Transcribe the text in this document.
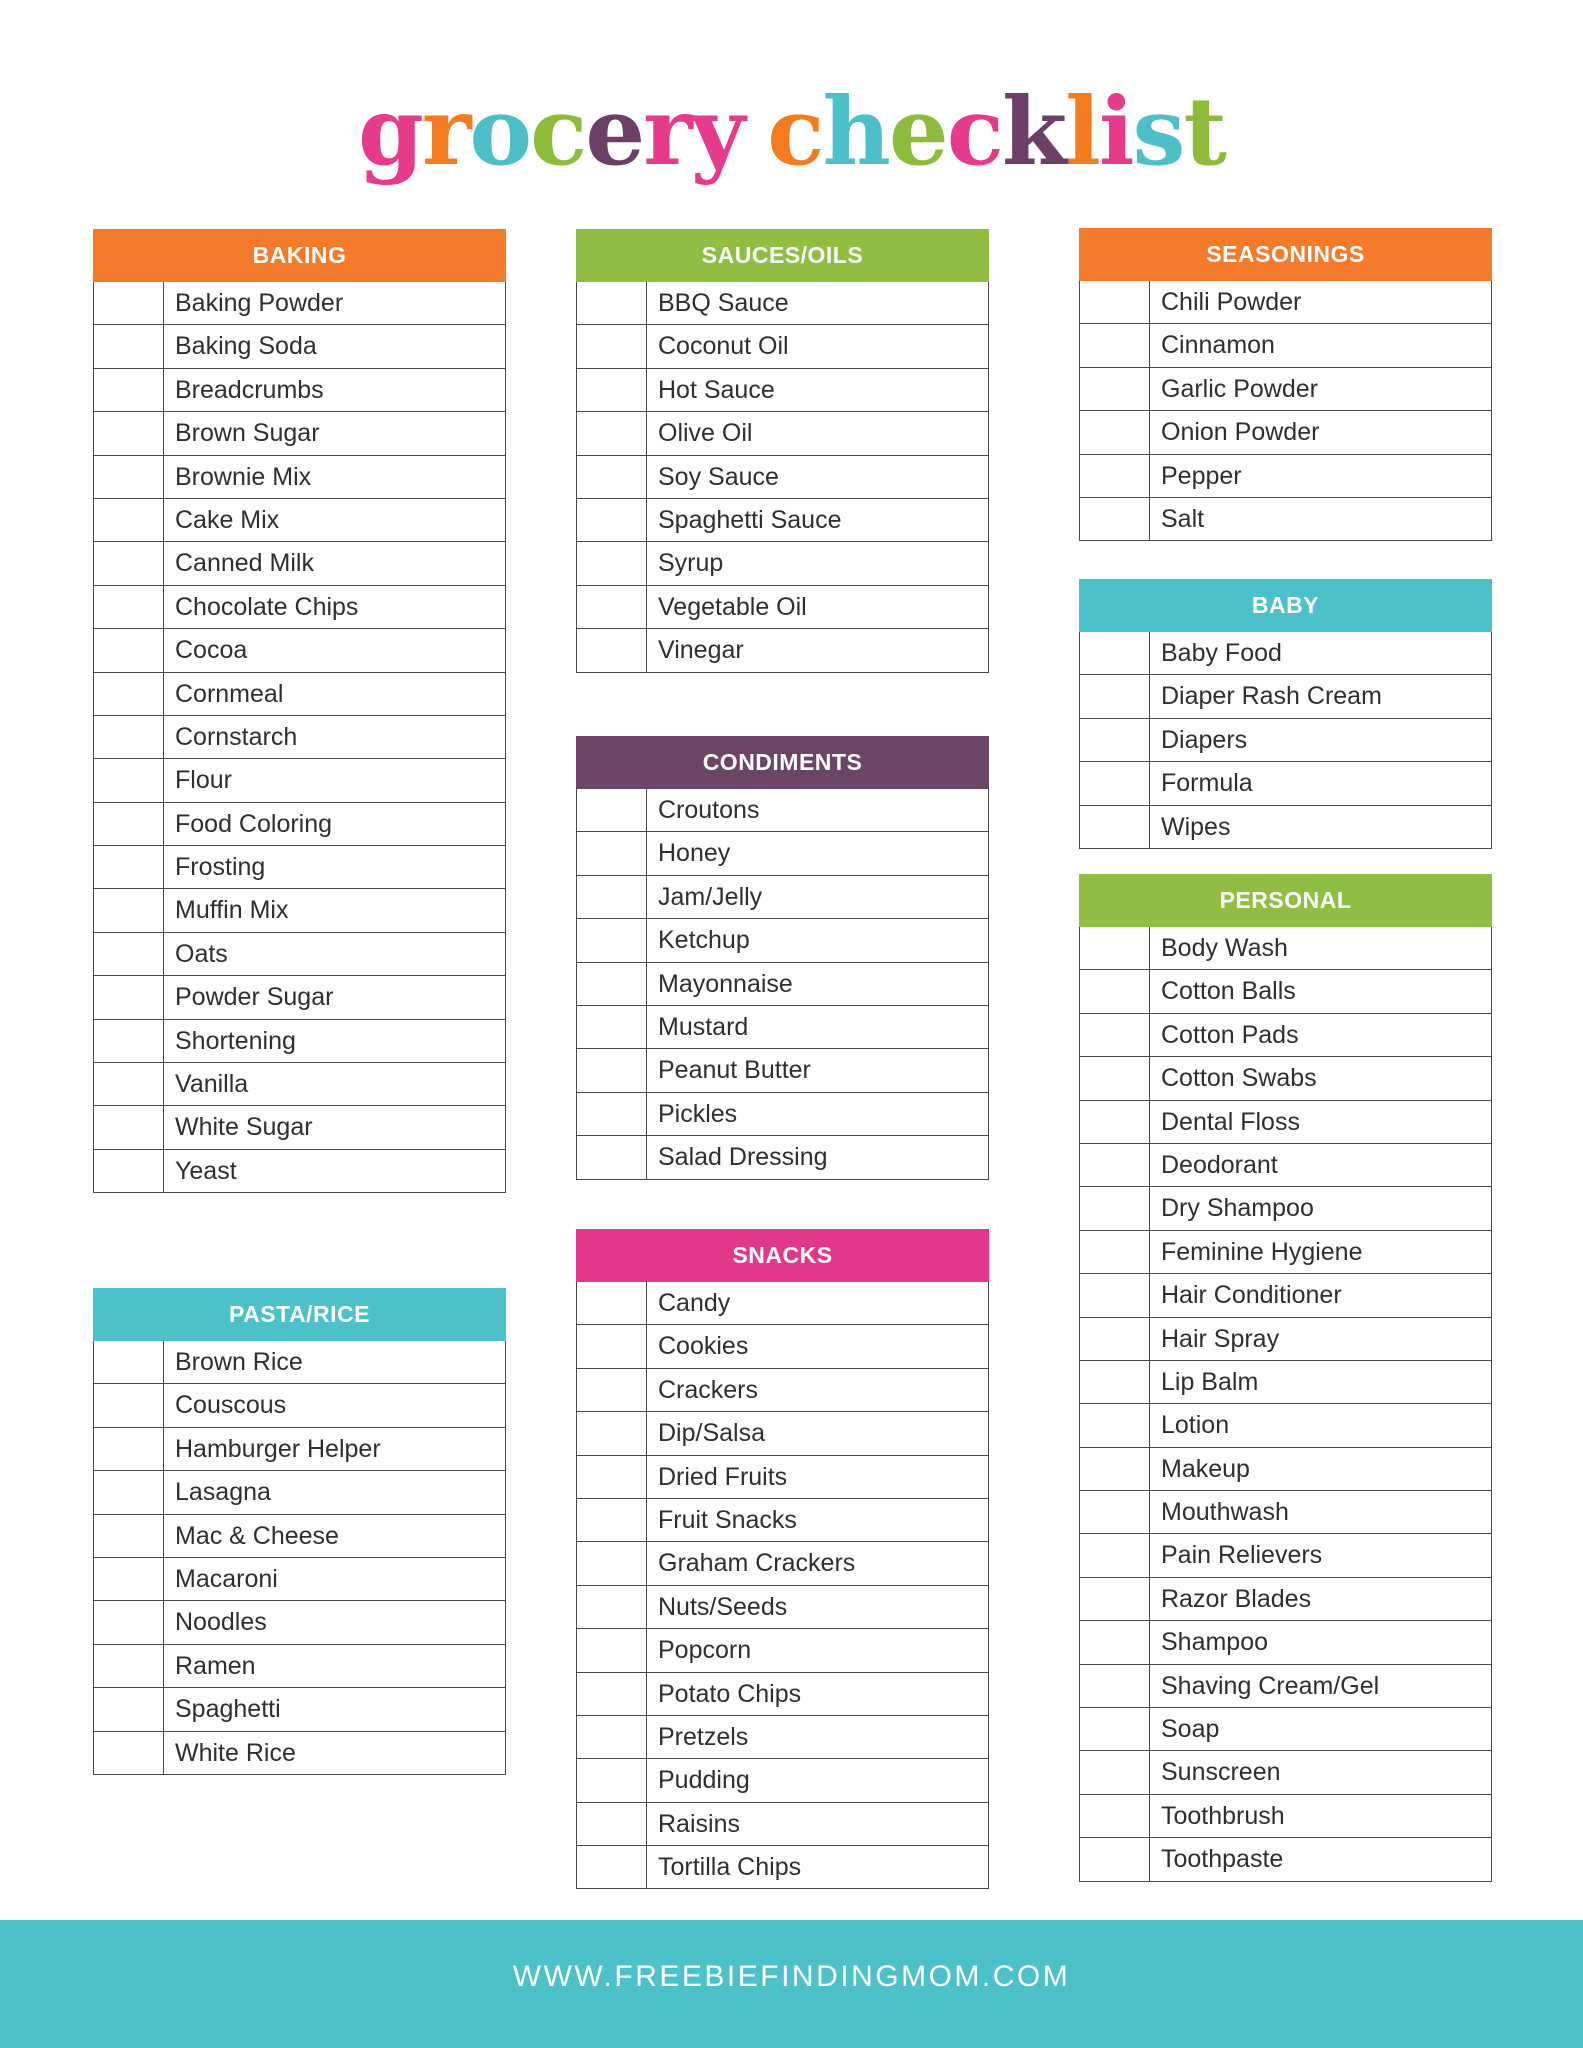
grocery checklist
BAKING
Baking Powder
Baking Soda
Breadcrumbs
Brown Sugar
Brownie Mix
Cake Mix
Canned Milk
Chocolate Chips
Cocoa
Cornmeal
Cornstarch
Flour
Food Coloring
Frosting
Muffin Mix
Oats
Powder Sugar
Shortening
Vanilla
White Sugar
Yeast
PASTA/RICE
Brown Rice
Couscous
Hamburger Helper
Lasagna
Mac & Cheese
Macaroni
Noodles
Ramen
Spaghetti
White Rice
SAUCES/OILS
BBQ Sauce
Coconut Oil
Hot Sauce
Olive Oil
Soy Sauce
Spaghetti Sauce
Syrup
Vegetable Oil
Vinegar
CONDIMENTS
Croutons
Honey
Jam/Jelly
Ketchup
Mayonnaise
Mustard
Peanut Butter
Pickles
Salad Dressing
SNACKS
Candy
Cookies
Crackers
Dip/Salsa
Dried Fruits
Fruit Snacks
Graham Crackers
Nuts/Seeds
Popcorn
Potato Chips
Pretzels
Pudding
Raisins
Tortilla Chips
SEASONINGS
Chili Powder
Cinnamon
Garlic Powder
Onion Powder
Pepper
Salt
BABY
Baby Food
Diaper Rash Cream
Diapers
Formula
Wipes
PERSONAL
Body Wash
Cotton Balls
Cotton Pads
Cotton Swabs
Dental Floss
Deodorant
Dry Shampoo
Feminine Hygiene
Hair Conditioner
Hair Spray
Lip Balm
Lotion
Makeup
Mouthwash
Pain Relievers
Razor Blades
Shampoo
Shaving Cream/Gel
Soap
Sunscreen
Toothbrush
Toothpaste
WWW.FREEBIEFINDINGMOM.COM
